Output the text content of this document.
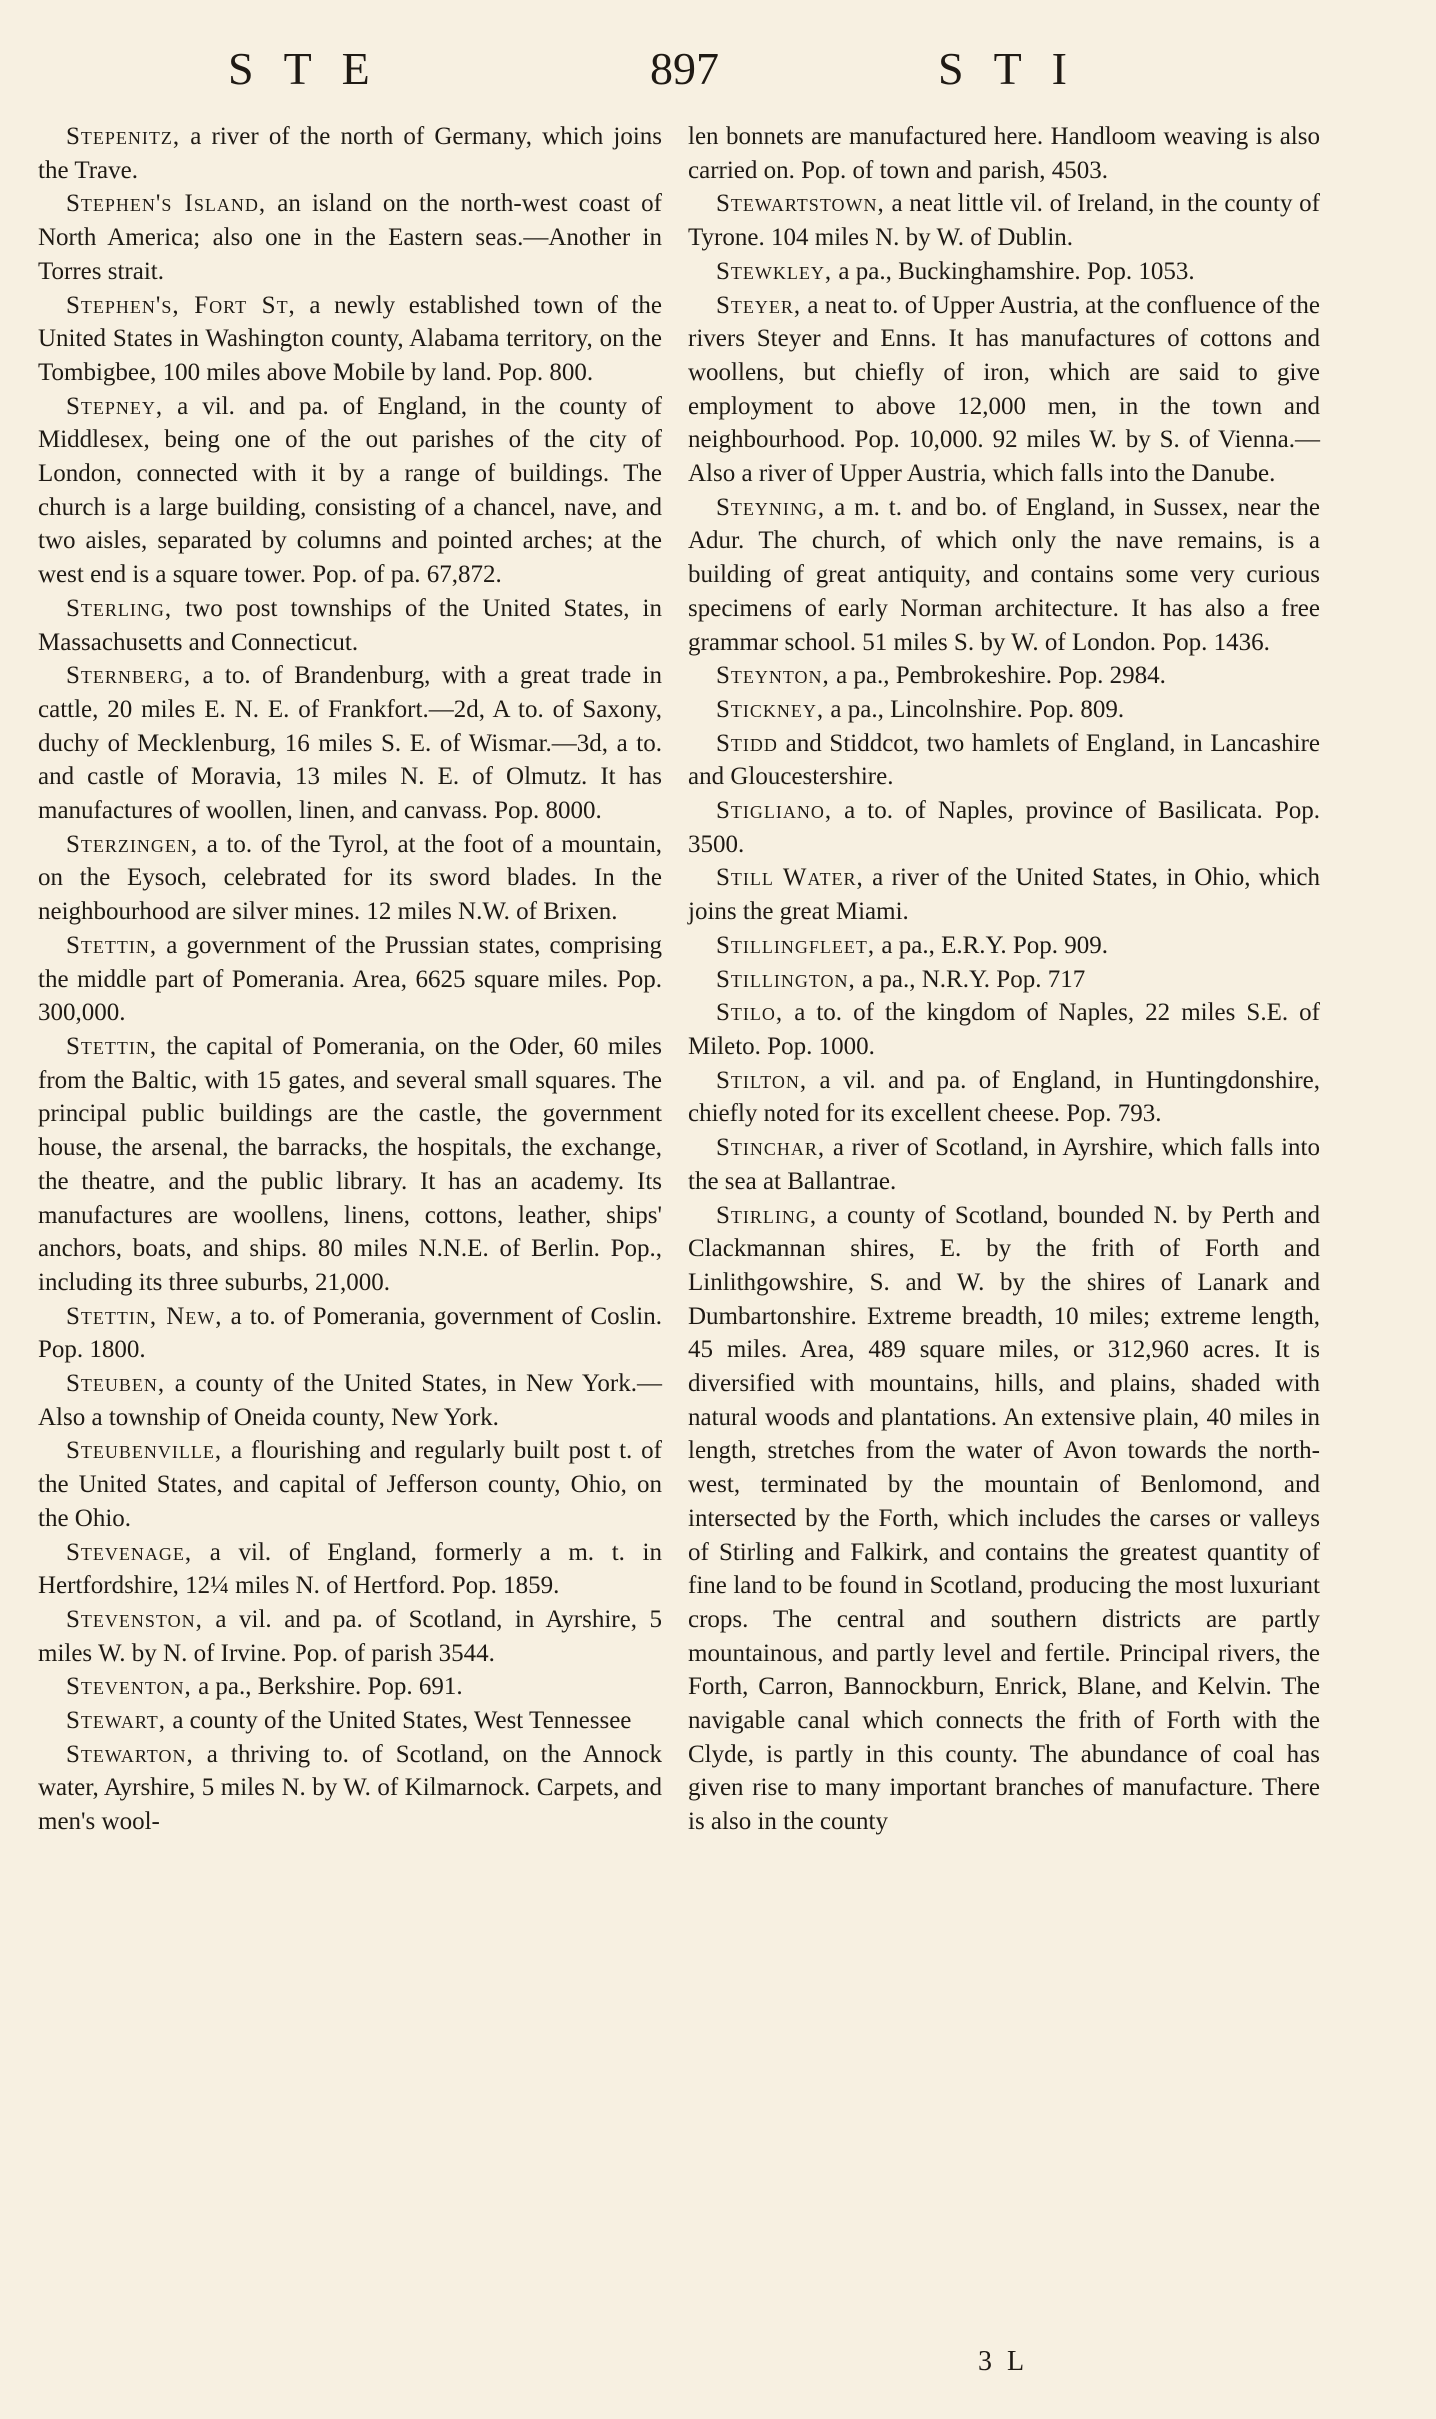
STE	897	STI

Stepenitz, a river of the north of Germany, which joins the Trave.

Stephen's Island, an island on the north-west coast of North America; also one in the Eastern seas.—Another in Torres strait.

Stephen's, Fort St, a newly established town of the United States in Washington county, Alabama territory, on the Tombigbee, 100 miles above Mobile by land. Pop. 800.

Stepney, a vil. and pa. of England, in the county of Middlesex, being one of the out parishes of the city of London, connected with it by a range of buildings. The church is a large building, consisting of a chancel, nave, and two aisles, separated by columns and pointed arches; at the west end is a square tower. Pop. of pa. 67,872.

Sterling, two post townships of the United States, in Massachusetts and Connecticut.

Sternberg, a to. of Brandenburg, with a great trade in cattle, 20 miles E. N. E. of Frankfort.—2d, A to. of Saxony, duchy of Mecklenburg, 16 miles S. E. of Wismar.—3d, a to. and castle of Moravia, 13 miles N. E. of Olmutz. It has manufactures of woollen, linen, and canvass. Pop. 8000.

Sterzingen, a to. of the Tyrol, at the foot of a mountain, on the Eysoch, celebrated for its sword blades. In the neighbourhood are silver mines. 12 miles N.W. of Brixen.

Stettin, a government of the Prussian states, comprising the middle part of Pomerania. Area, 6625 square miles. Pop. 300,000.

Stettin, the capital of Pomerania, on the Oder, 60 miles from the Baltic, with 15 gates, and several small squares. The principal public buildings are the castle, the government house, the arsenal, the barracks, the hospitals, the exchange, the theatre, and the public library. It has an academy. Its manufactures are woollens, linens, cottons, leather, ships' anchors, boats, and ships. 80 miles N.N.E. of Berlin. Pop., including its three suburbs, 21,000.

Stettin, New, a to. of Pomerania, government of Coslin. Pop. 1800.

Steuben, a county of the United States, in New York.—Also a township of Oneida county, New York.

Steubenville, a flourishing and regularly built post t. of the United States, and capital of Jefferson county, Ohio, on the Ohio.

Stevenage, a vil. of England, formerly a m. t. in Hertfordshire, 12¼ miles N. of Hertford. Pop. 1859.

Stevenston, a vil. and pa. of Scotland, in Ayrshire, 5 miles W. by N. of Irvine. Pop. of parish 3544.

Steventon, a pa., Berkshire. Pop. 691.

Stewart, a county of the United States, West Tennessee

Stewarton, a thriving to. of Scotland, on the Annock water, Ayrshire, 5 miles N. by W. of Kilmarnock. Carpets, and men's wool-

len bonnets are manufactured here. Handloom weaving is also carried on. Pop. of town and parish, 4503.

Stewartstown, a neat little vil. of Ireland, in the county of Tyrone. 104 miles N. by W. of Dublin.

Stewkley, a pa., Buckinghamshire. Pop. 1053.

Steyer, a neat to. of Upper Austria, at the confluence of the rivers Steyer and Enns. It has manufactures of cottons and woollens, but chiefly of iron, which are said to give employment to above 12,000 men, in the town and neighbourhood. Pop. 10,000. 92 miles W. by S. of Vienna.—Also a river of Upper Austria, which falls into the Danube.

Steyning, a m. t. and bo. of England, in Sussex, near the Adur. The church, of which only the nave remains, is a building of great antiquity, and contains some very curious specimens of early Norman architecture. It has also a free grammar school. 51 miles S. by W. of London. Pop. 1436.

Steynton, a pa., Pembrokeshire. Pop. 2984.

Stickney, a pa., Lincolnshire. Pop. 809.

Stidd and Stiddcot, two hamlets of England, in Lancashire and Gloucestershire.

Stigliano, a to. of Naples, province of Basilicata. Pop. 3500.

Still Water, a river of the United States, in Ohio, which joins the great Miami.

Stillingfleet, a pa., E.R.Y. Pop. 909.

Stillington, a pa., N.R.Y. Pop. 717

Stilo, a to. of the kingdom of Naples, 22 miles S.E. of Mileto. Pop. 1000.

Stilton, a vil. and pa. of England, in Huntingdonshire, chiefly noted for its excellent cheese. Pop. 793.

Stinchar, a river of Scotland, in Ayrshire, which falls into the sea at Ballantrae.

Stirling, a county of Scotland, bounded N. by Perth and Clackmannan shires, E. by the frith of Forth and Linlithgowshire, S. and W. by the shires of Lanark and Dumbartonshire. Extreme breadth, 10 miles; extreme length, 45 miles. Area, 489 square miles, or 312,960 acres. It is diversified with mountains, hills, and plains, shaded with natural woods and plantations. An extensive plain, 40 miles in length, stretches from the water of Avon towards the north-west, terminated by the mountain of Benlomond, and intersected by the Forth, which includes the carses or valleys of Stirling and Falkirk, and contains the greatest quantity of fine land to be found in Scotland, producing the most luxuriant crops. The central and southern districts are partly mountainous, and partly level and fertile. Principal rivers, the Forth, Carron, Bannockburn, Enrick, Blane, and Kelvin. The navigable canal which connects the frith of Forth with the Clyde, is partly in this county. The abundance of coal has given rise to many important branches of manufacture. There is also in the county

3 L
